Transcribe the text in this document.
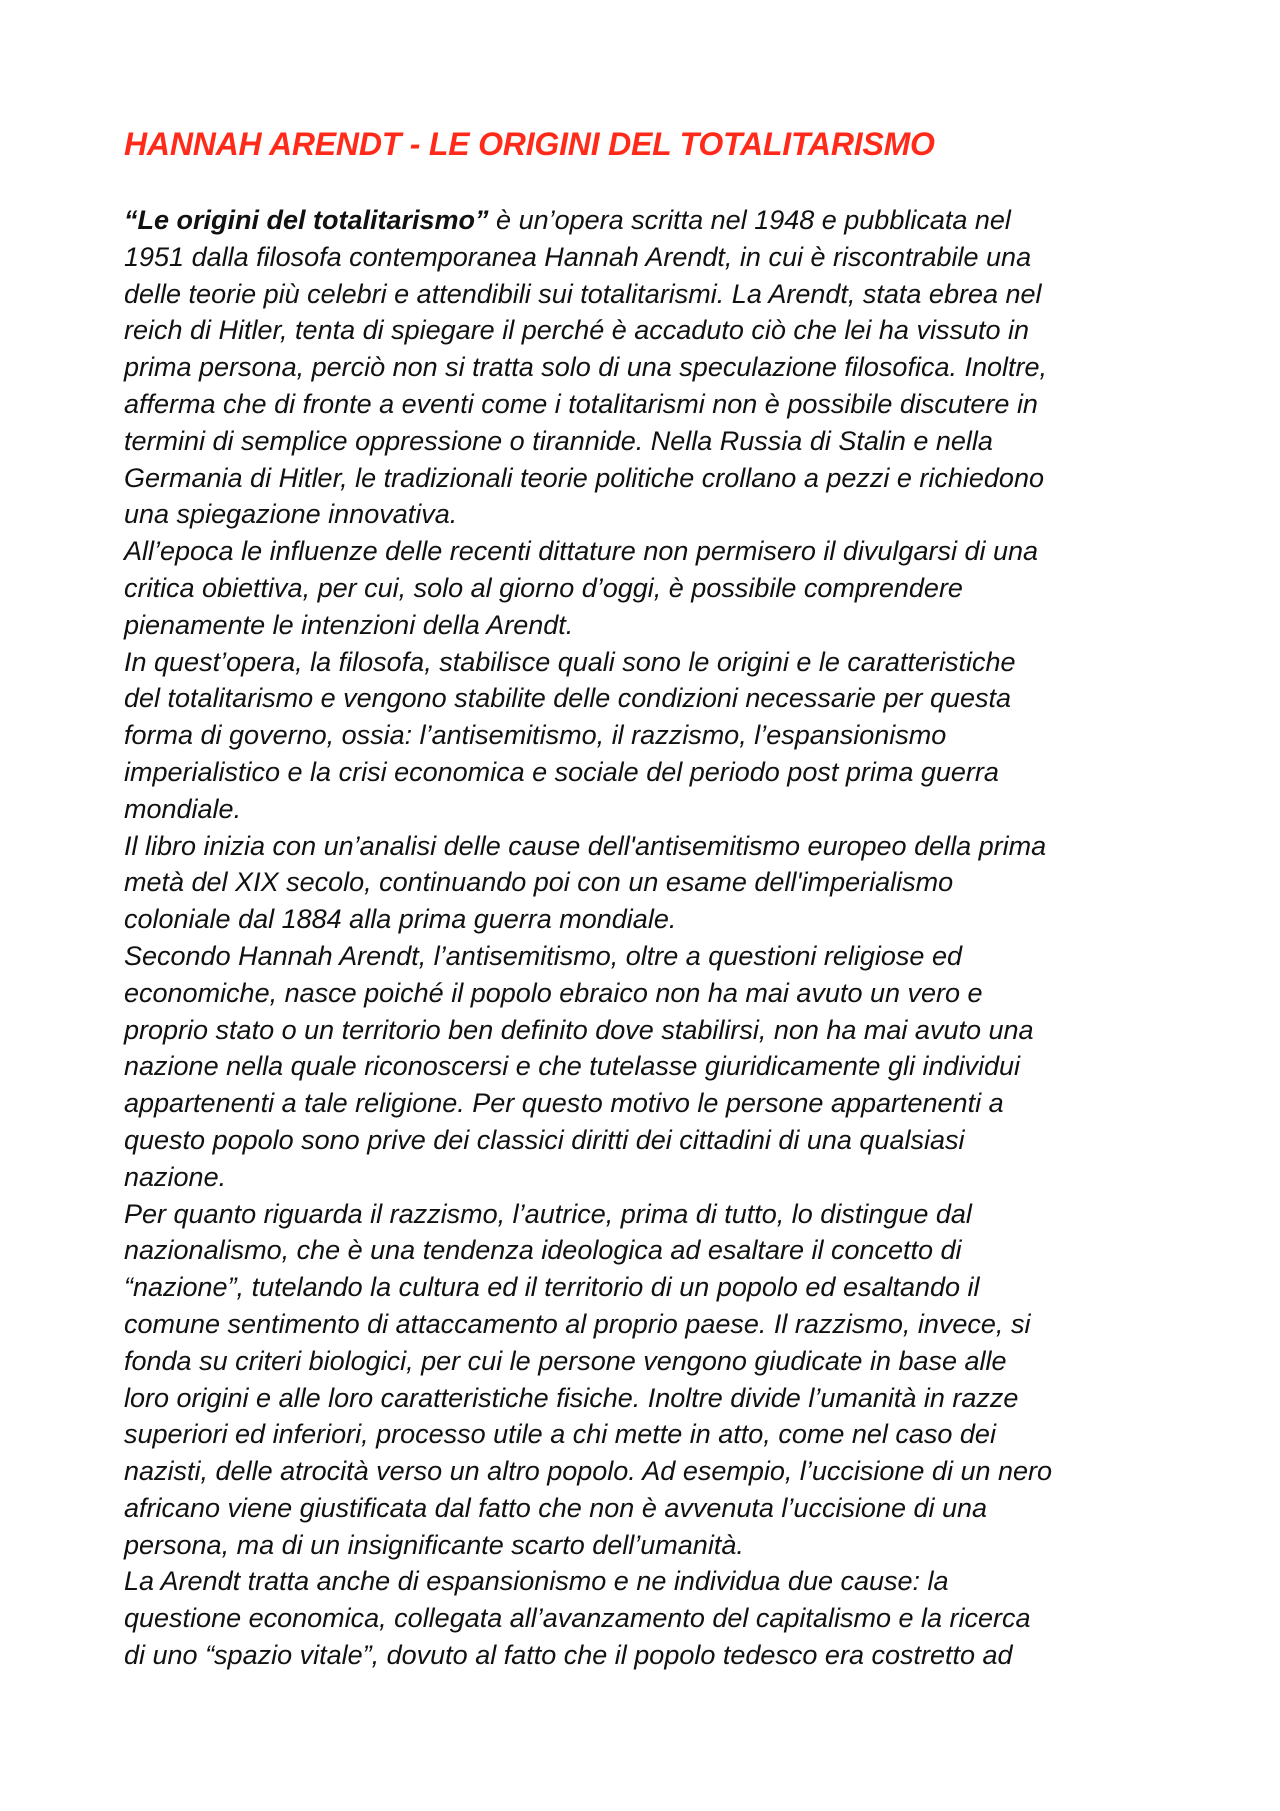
HANNAH ARENDT - LE ORIGINI DEL TOTALITARISMO
“Le origini del totalitarismo” è un’opera scritta nel 1948 e pubblicata nel
1951 dalla filosofa contemporanea Hannah Arendt, in cui è riscontrabile una
delle teorie più celebri e attendibili sui totalitarismi. La Arendt, stata ebrea nel
reich di Hitler, tenta di spiegare il perché è accaduto ciò che lei ha vissuto in
prima persona, perciò non si tratta solo di una speculazione filosofica. Inoltre,
afferma che di fronte a eventi come i totalitarismi non è possibile discutere in
termini di semplice oppressione o tirannide. Nella Russia di Stalin e nella
Germania di Hitler, le tradizionali teorie politiche crollano a pezzi e richiedono
una spiegazione innovativa.
All’epoca le influenze delle recenti dittature non permisero il divulgarsi di una
critica obiettiva, per cui, solo al giorno d’oggi, è possibile comprendere
pienamente le intenzioni della Arendt.
In quest’opera, la filosofa, stabilisce quali sono le origini e le caratteristiche
del totalitarismo e vengono stabilite delle condizioni necessarie per questa
forma di governo, ossia: l’antisemitismo, il razzismo, l’espansionismo
imperialistico e la crisi economica e sociale del periodo post prima guerra
mondiale.
Il libro inizia con un’analisi delle cause dell'antisemitismo europeo della prima
metà del XIX secolo, continuando poi con un esame dell'imperialismo
coloniale dal 1884 alla prima guerra mondiale.
Secondo Hannah Arendt, l’antisemitismo, oltre a questioni religiose ed
economiche, nasce poiché il popolo ebraico non ha mai avuto un vero e
proprio stato o un territorio ben definito dove stabilirsi, non ha mai avuto una
nazione nella quale riconoscersi e che tutelasse giuridicamente gli individui
appartenenti a tale religione. Per questo motivo le persone appartenenti a
questo popolo sono prive dei classici diritti dei cittadini di una qualsiasi
nazione.
Per quanto riguarda il razzismo, l’autrice, prima di tutto, lo distingue dal
nazionalismo, che è una tendenza ideologica ad esaltare il concetto di
“nazione”, tutelando la cultura ed il territorio di un popolo ed esaltando il
comune sentimento di attaccamento al proprio paese. Il razzismo, invece, si
fonda su criteri biologici, per cui le persone vengono giudicate in base alle
loro origini e alle loro caratteristiche fisiche. Inoltre divide l’umanità in razze
superiori ed inferiori, processo utile a chi mette in atto, come nel caso dei
nazisti, delle atrocità verso un altro popolo. Ad esempio, l’uccisione di un nero
africano viene giustificata dal fatto che non è avvenuta l’uccisione di una
persona, ma di un insignificante scarto dell’umanità.
La Arendt tratta anche di espansionismo e ne individua due cause: la
questione economica, collegata all’avanzamento del capitalismo e la ricerca
di uno “spazio vitale”, dovuto al fatto che il popolo tedesco era costretto ad
